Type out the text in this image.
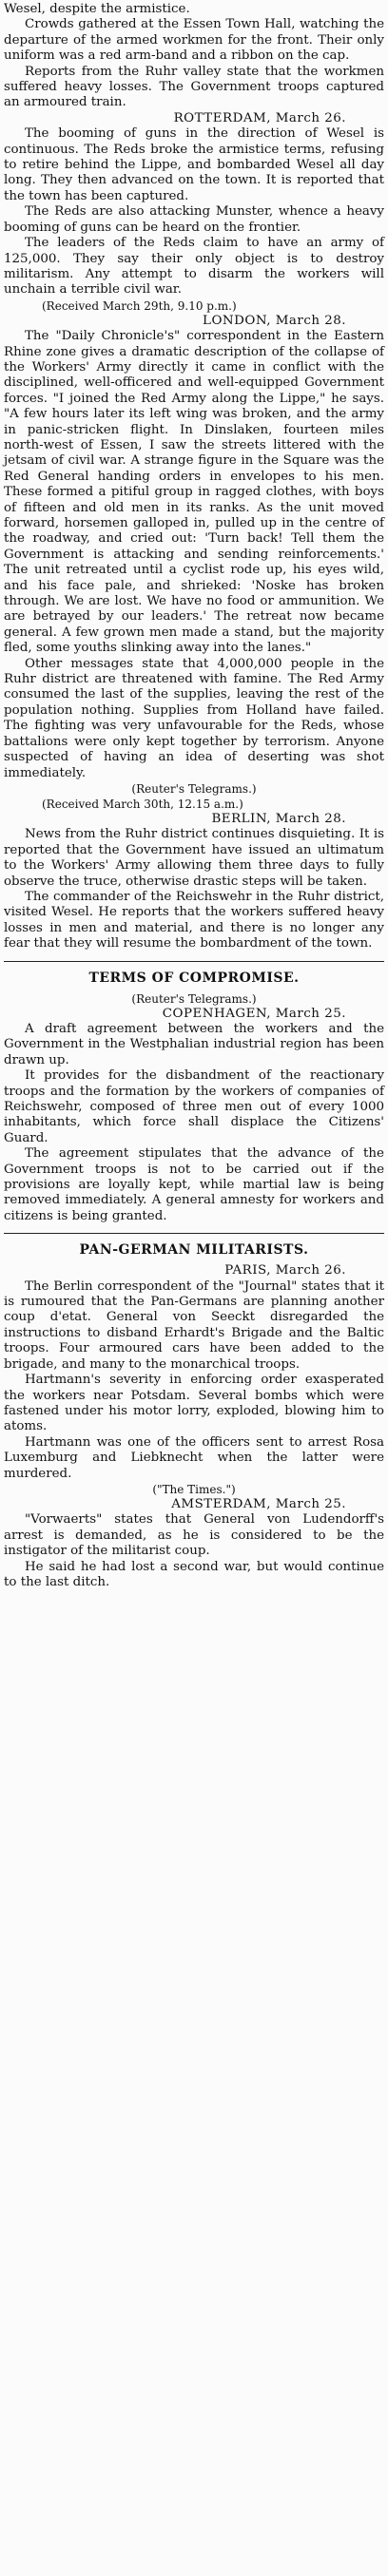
Wesel, despite the armistice.

Crowds gathered at the Essen Town Hall, watching the departure of the armed workmen for the front. Their only uniform was a red arm-band and a ribbon on the cap.

Reports from the Ruhr valley state that the workmen suffered heavy losses. The Government troops captured an armoured train.

ROTTERDAM, March 26.

The booming of guns in the direction of Wesel is continuous. The Reds broke the armistice terms, refusing to retire behind the Lippe, and bombarded Wesel all day long. They then advanced on the town. It is reported that the town has been captured.

The Reds are also attacking Munster, whence a heavy booming of guns can be heard on the frontier.

The leaders of the Reds claim to have an army of 125,000. They say their only object is to destroy militarism. Any attempt to disarm the workers will unchain a terrible civil war.

(Received March 29th, 9.10 p.m.)

LONDON, March 28.

The "Daily Chronicle's" correspondent in the Eastern Rhine zone gives a dramatic description of the collapse of the Workers' Army directly it came in conflict with the disciplined, well-officered and well-equipped Government forces. "I joined the Red Army along the Lippe," he says. "A few hours later its left wing was broken, and the army in panic-stricken flight. In Dinslaken, fourteen miles north-west of Essen, I saw the streets littered with the jetsam of civil war. A strange figure in the Square was the Red General handing orders in envelopes to his men. These formed a pitiful group in ragged clothes, with boys of fifteen and old men in its ranks. As the unit moved forward, horsemen galloped in, pulled up in the centre of the roadway, and cried out: 'Turn back! Tell them the Government is attacking and sending reinforcements.' The unit retreated until a cyclist rode up, his eyes wild, and his face pale, and shrieked: 'Noske has broken through. We are lost. We have no food or ammunition. We are betrayed by our leaders.' The retreat now became general. A few grown men made a stand, but the majority fled, some youths slinking away into the lanes."

Other messages state that 4,000,000 people in the Ruhr district are threatened with famine. The Red Army consumed the last of the supplies, leaving the rest of the population nothing. Supplies from Holland have failed. The fighting was very unfavourable for the Reds, whose battalions were only kept together by terrorism. Anyone suspected of having an idea of deserting was shot immediately.

(Reuter's Telegrams.)

(Received March 30th, 12.15 a.m.)

BERLIN, March 28.

News from the Ruhr district continues disquieting. It is reported that the Government have issued an ultimatum to the Workers' Army allowing them three days to fully observe the truce, otherwise drastic steps will be taken.

The commander of the Reichswehr in the Ruhr district, visited Wesel. He reports that the workers suffered heavy losses in men and material, and there is no longer any fear that they will resume the bombardment of the town.

TERMS OF COMPROMISE.

(Reuter's Telegrams.)

COPENHAGEN, March 25.

A draft agreement between the workers and the Government in the Westphalian industrial region has been drawn up.

It provides for the disbandment of the reactionary troops and the formation by the workers of companies of Reichswehr, composed of three men out of every 1000 inhabitants, which force shall displace the Citizens' Guard.

The agreement stipulates that the advance of the Government troops is not to be carried out if the provisions are loyally kept, while martial law is being removed immediately. A general amnesty for workers and citizens is being granted.

PAN-GERMAN MILITARISTS.

PARIS, March 26.

The Berlin correspondent of the "Journal" states that it is rumoured that the Pan-Germans are planning another coup d'etat. General von Seeckt disregarded the instructions to disband Erhardt's Brigade and the Baltic troops. Four armoured cars have been added to the brigade, and many to the monarchical troops.

Hartmann's severity in enforcing order exasperated the workers near Potsdam. Several bombs which were fastened under his motor lorry, exploded, blowing him to atoms.

Hartmann was one of the officers sent to arrest Rosa Luxemburg and Liebknecht when the latter were murdered.

("The Times.")

AMSTERDAM, March 25.

"Vorwaerts" states that General von Ludendorff's arrest is demanded, as he is considered to be the instigator of the militarist coup.

He said he had lost a second war, but would continue to the last ditch.
